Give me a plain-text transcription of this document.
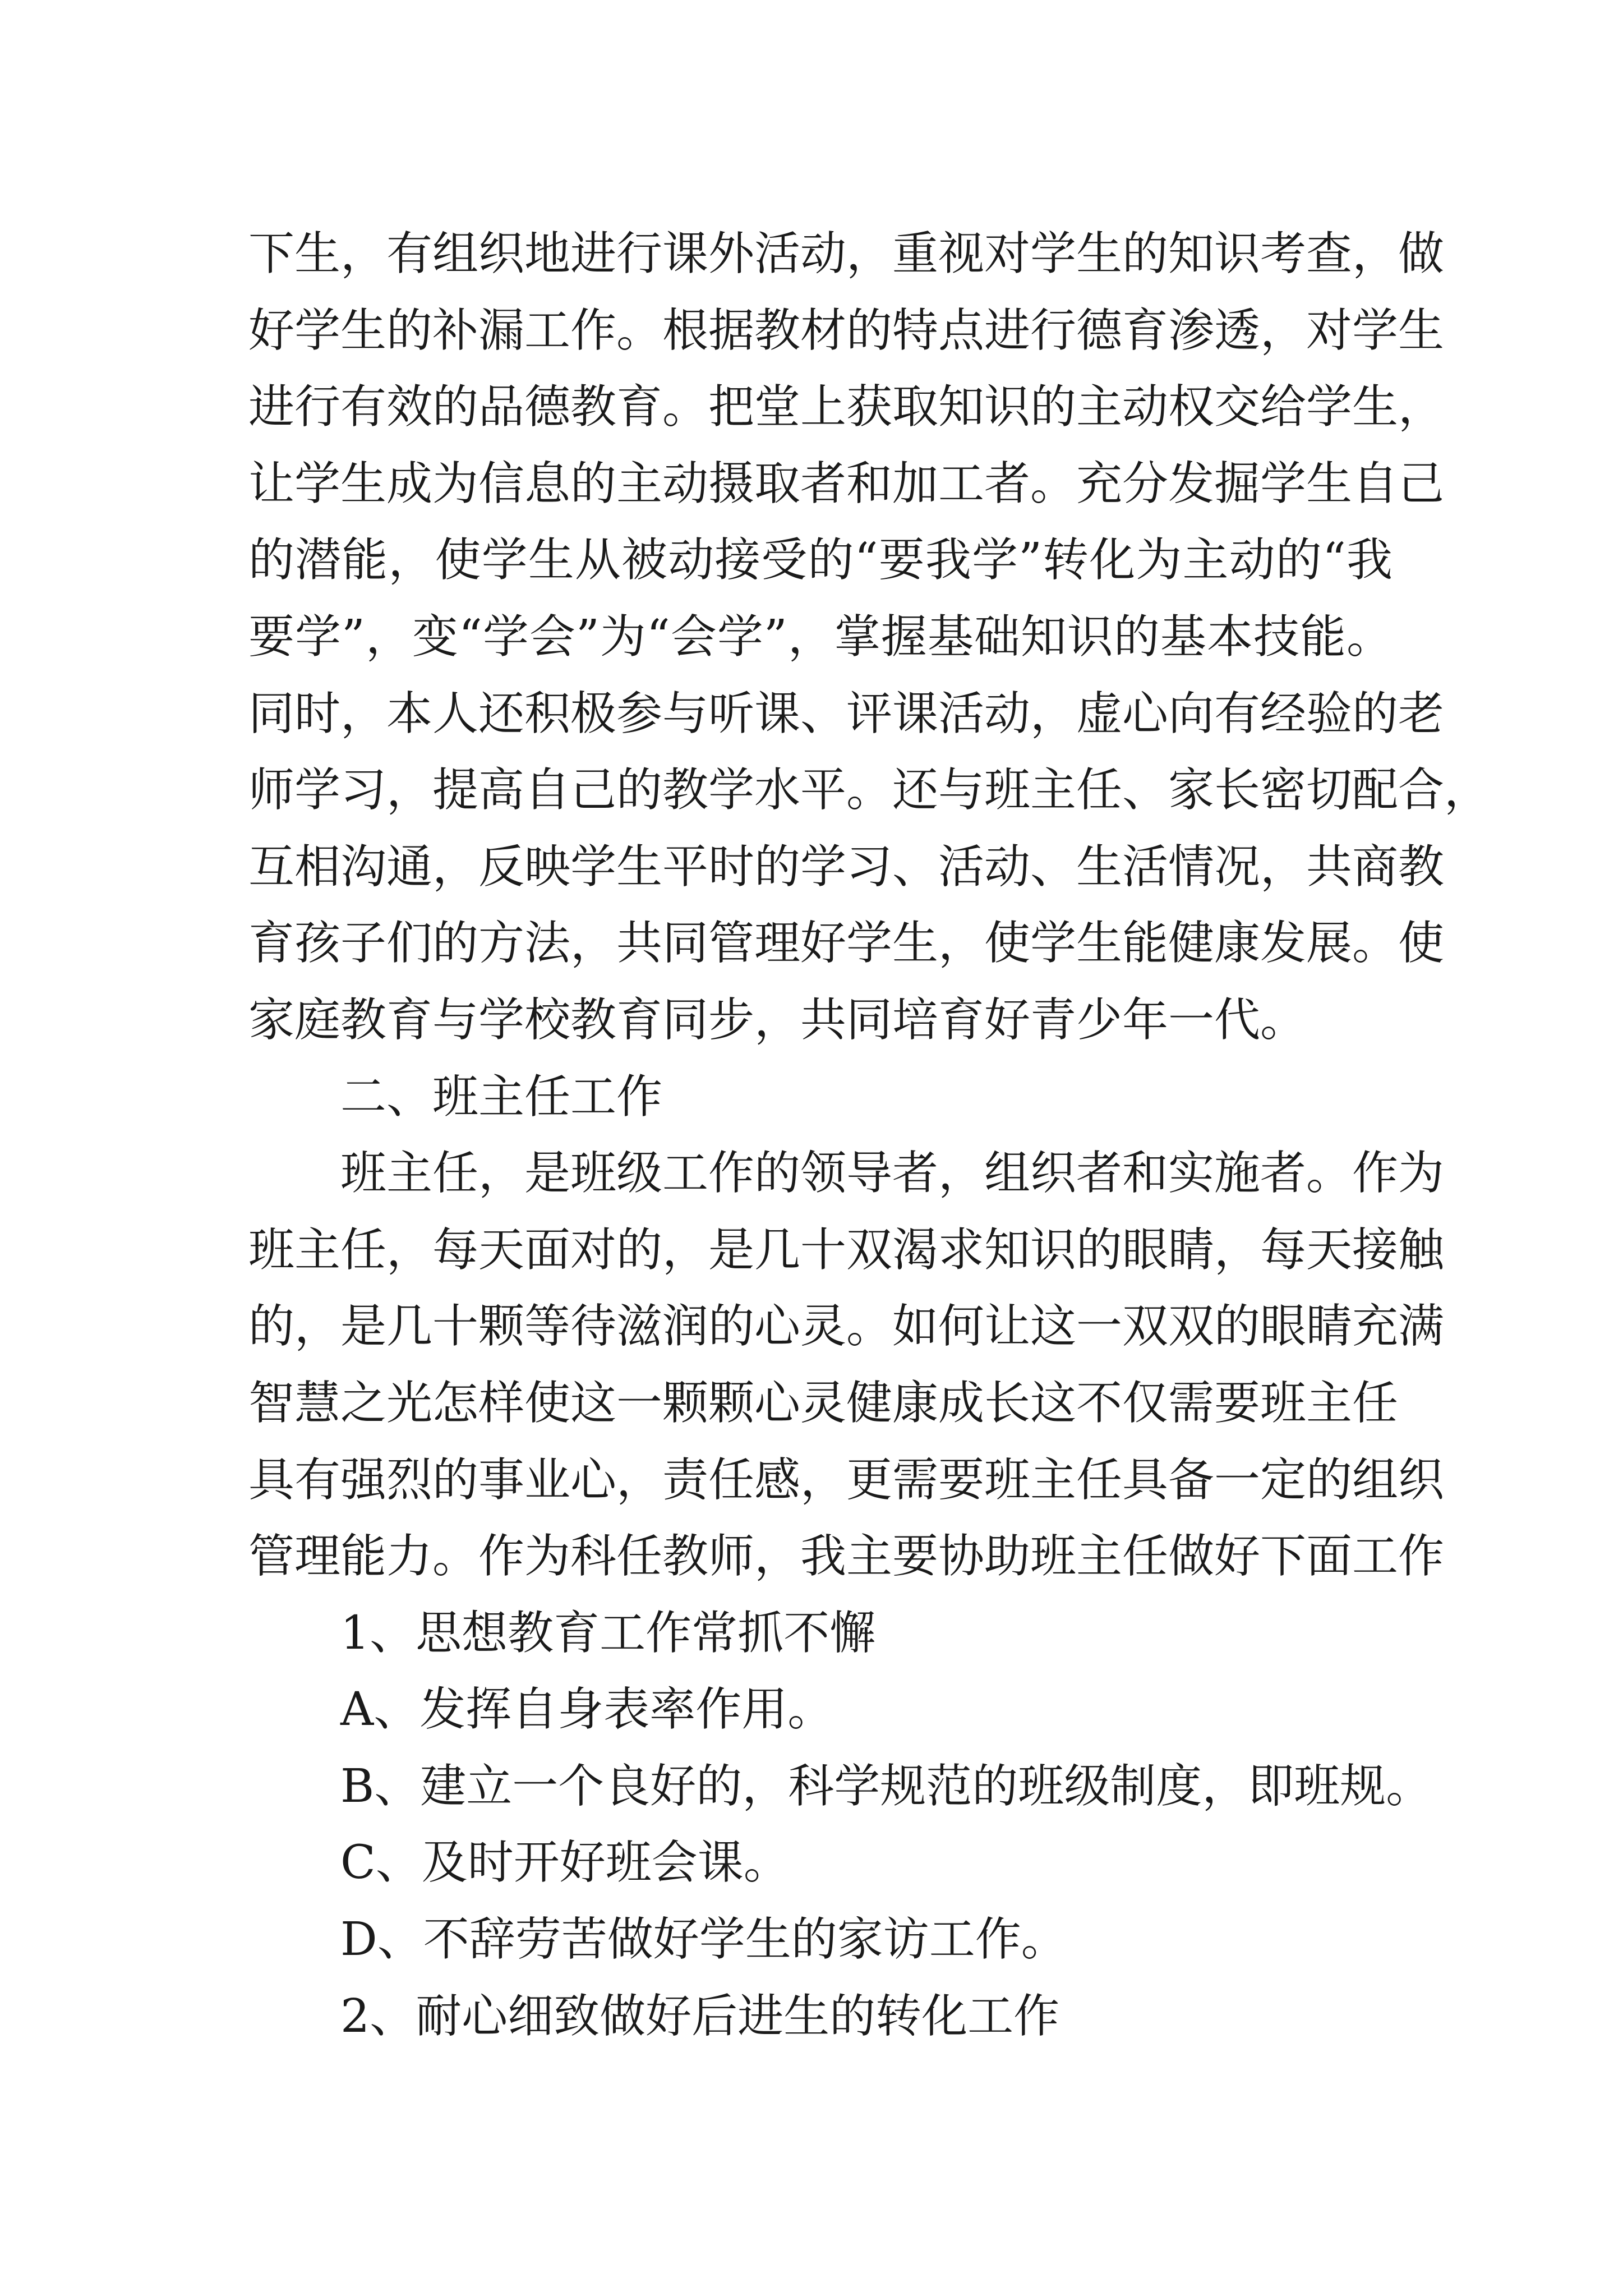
下生，有组织地进行课外活动，重视对学生的知识考查，做
好学生的补漏工作。根据教材的特点进行德育渗透，对学生
进行有效的品德教育。把堂上获取知识的主动权交给学生，
让学生成为信息的主动摄取者和加工者。充分发掘学生自己
的潜能，使学生从被动接受的“要我学”转化为主动的“我
要学”，变“学会”为“会学”，掌握基础知识的基本技能。
同时，本人还积极参与听课、评课活动，虚心向有经验的老
师学习，提高自己的教学水平。还与班主任、家长密切配合，
互相沟通，反映学生平时的学习、活动、生活情况，共商教
育孩子们的方法，共同管理好学生，使学生能健康发展。使
家庭教育与学校教育同步，共同培育好青少年一代。
二、班主任工作
班主任，是班级工作的领导者，组织者和实施者。作为
班主任，每天面对的，是几十双渴求知识的眼睛，每天接触
的，是几十颗等待滋润的心灵。如何让这一双双的眼睛充满
智慧之光怎样使这一颗颗心灵健康成长这不仅需要班主任
具有强烈的事业心，责任感，更需要班主任具备一定的组织
管理能力。作为科任教师，我主要协助班主任做好下面工作
1、思想教育工作常抓不懈
A、发挥自身表率作用。
B、建立一个良好的，科学规范的班级制度，即班规。
C、及时开好班会课。
D、不辞劳苦做好学生的家访工作。
2、耐心细致做好后进生的转化工作
